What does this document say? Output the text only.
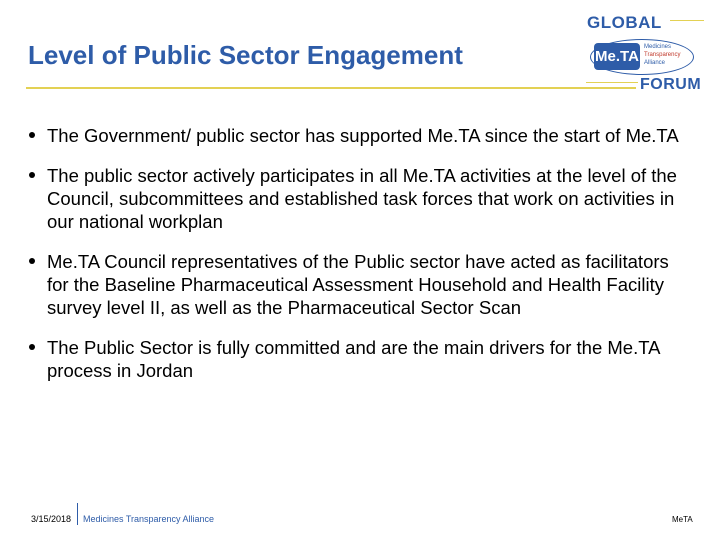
Level of Public Sector Engagement
GLOBAL
Me.TA
Medicines
Transparency
Alliance
FORUM
The Government/ public sector has supported Me.TA since the start of Me.TA
The public sector actively participates in all Me.TA activities at the level of the Council, subcommittees and established task forces that work on activities in our national workplan
Me.TA Council representatives of the Public sector have acted as facilitators for the Baseline Pharmaceutical Assessment Household and Health Facility survey level II, as well as the Pharmaceutical Sector Scan
The Public Sector is fully committed and are the main drivers for the Me.TA process in Jordan
3/15/2018 Medicines Transparency Alliance	MeTA
